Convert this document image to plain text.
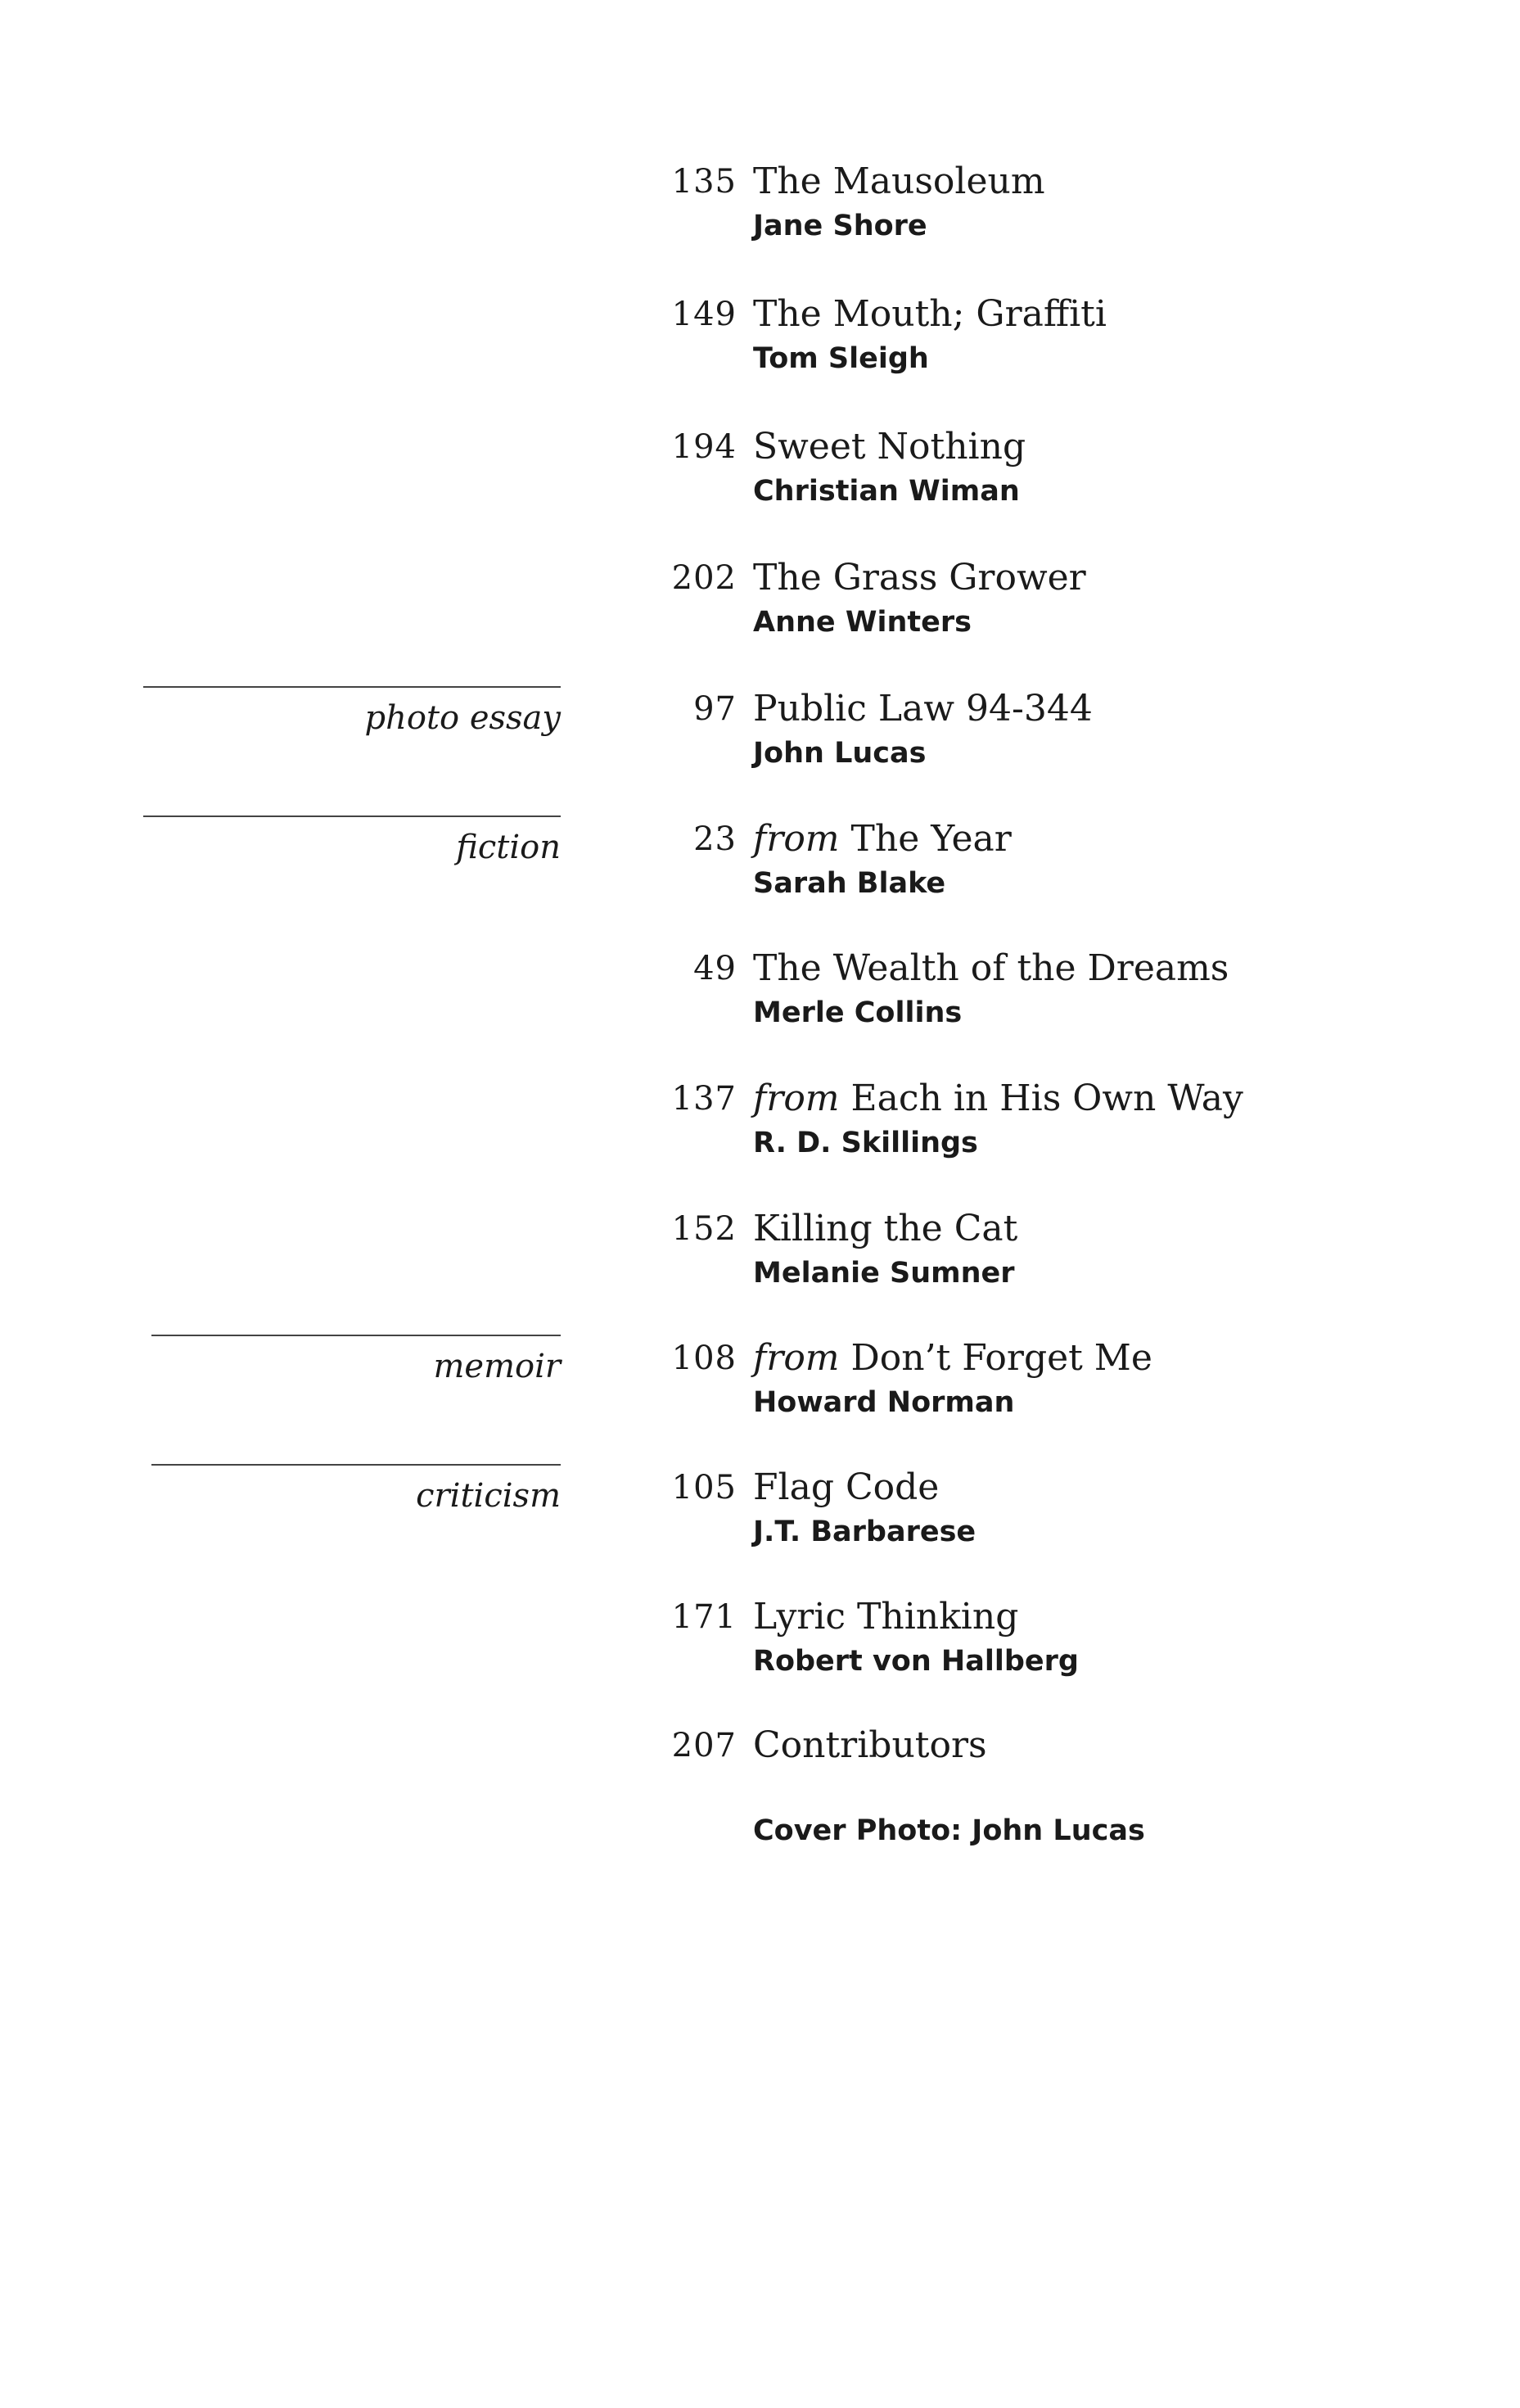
135 The Mausoleum
Jane Shore
149 The Mouth; Graffiti
Tom Sleigh
194 Sweet Nothing
Christian Wiman
202 The Grass Grower
Anne Winters
97 Public Law 94-344
John Lucas
23 from The Year
Sarah Blake
49 The Wealth of the Dreams
Merle Collins
137 from Each in His Own Way
R. D. Skillings
152 Killing the Cat
Melanie Sumner
108 from Don’t Forget Me
Howard Norman
105 Flag Code
J.T. Barbarese
171 Lyric Thinking
Robert von Hallberg
207 Contributors
photo essay
fiction
memoir
criticism
Cover Photo: John Lucas
